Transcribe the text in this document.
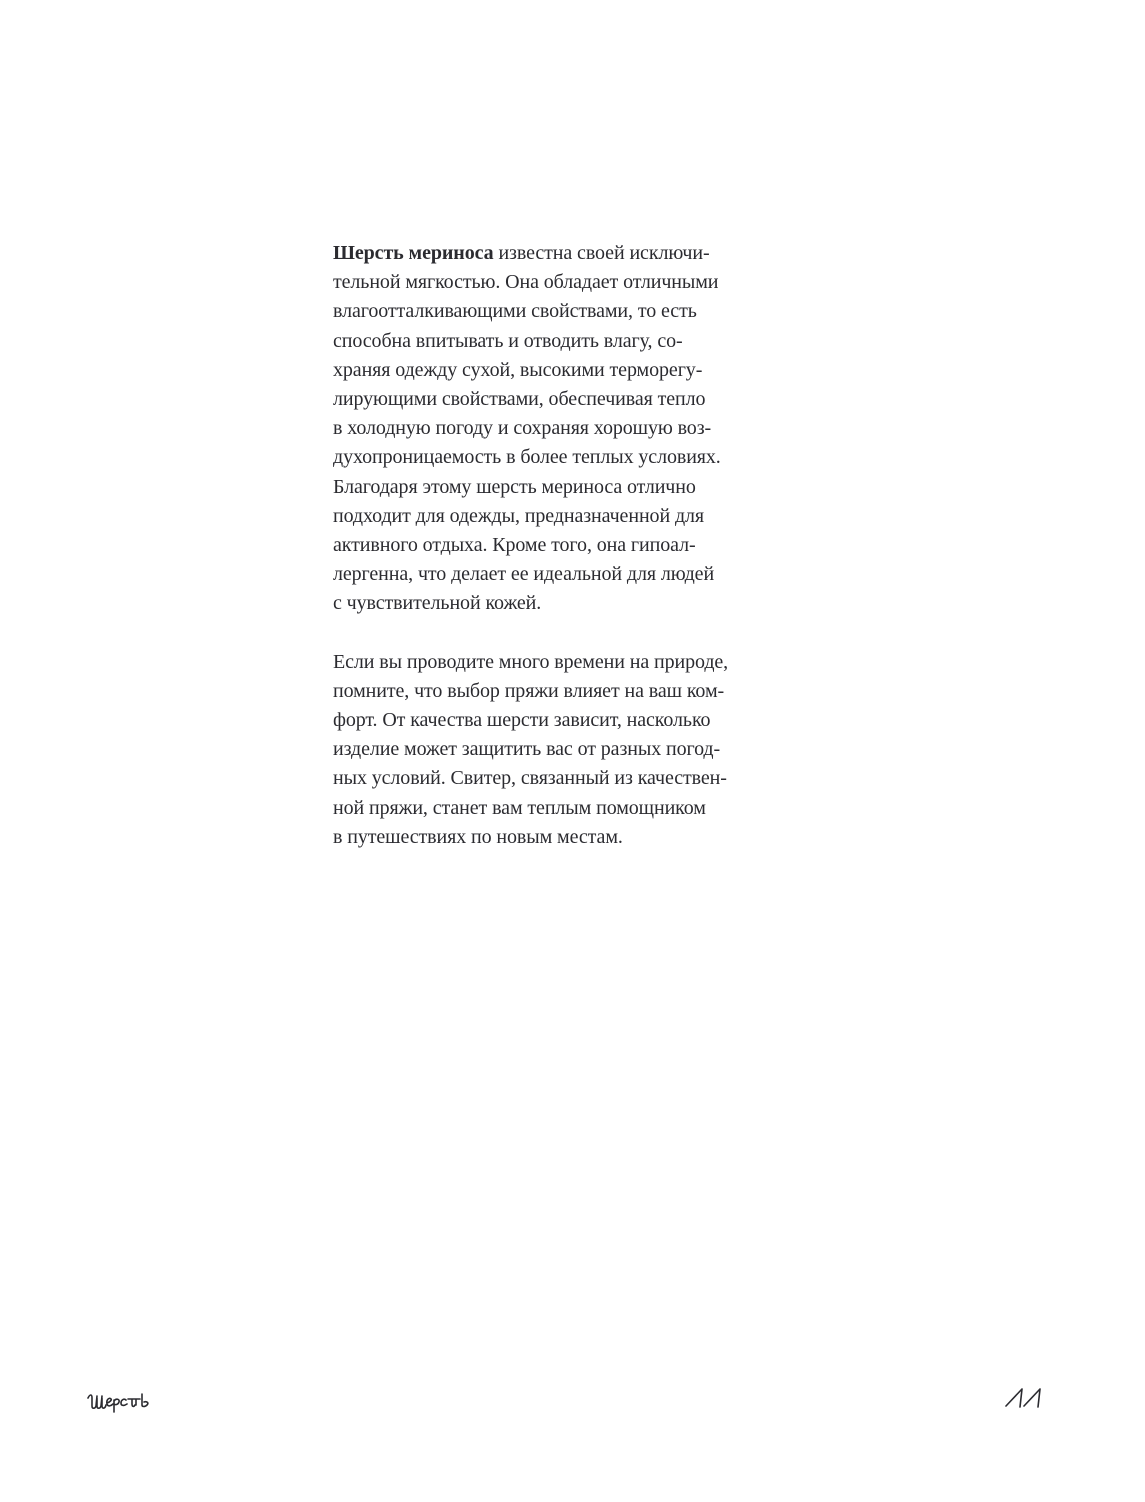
Шерсть мериноса известна своей исключи-
тельной мягкостью. Она обладает отличными
влагоотталкивающими свойствами, то есть
способна впитывать и отводить влагу, со-
храняя одежду сухой, высокими терморегу-
лирующими свойствами, обеспечивая тепло
в холодную погоду и сохраняя хорошую воз-
духопроницаемость в более теплых условиях.
Благодаря этому шерсть мериноса отлично
подходит для одежды, предназначенной для
активного отдыха. Кроме того, она гипоал-
лергенна, что делает ее идеальной для людей
с чувствительной кожей.

Если вы проводите много времени на природе,
помните, что выбор пряжи влияет на ваш ком-
форт. От качества шерсти зависит, насколько
изделие может защитить вас от разных погод-
ных условий. Свитер, связанный из качествен-
ной пряжи, станет вам теплым помощником
в путешествиях по новым местам.
